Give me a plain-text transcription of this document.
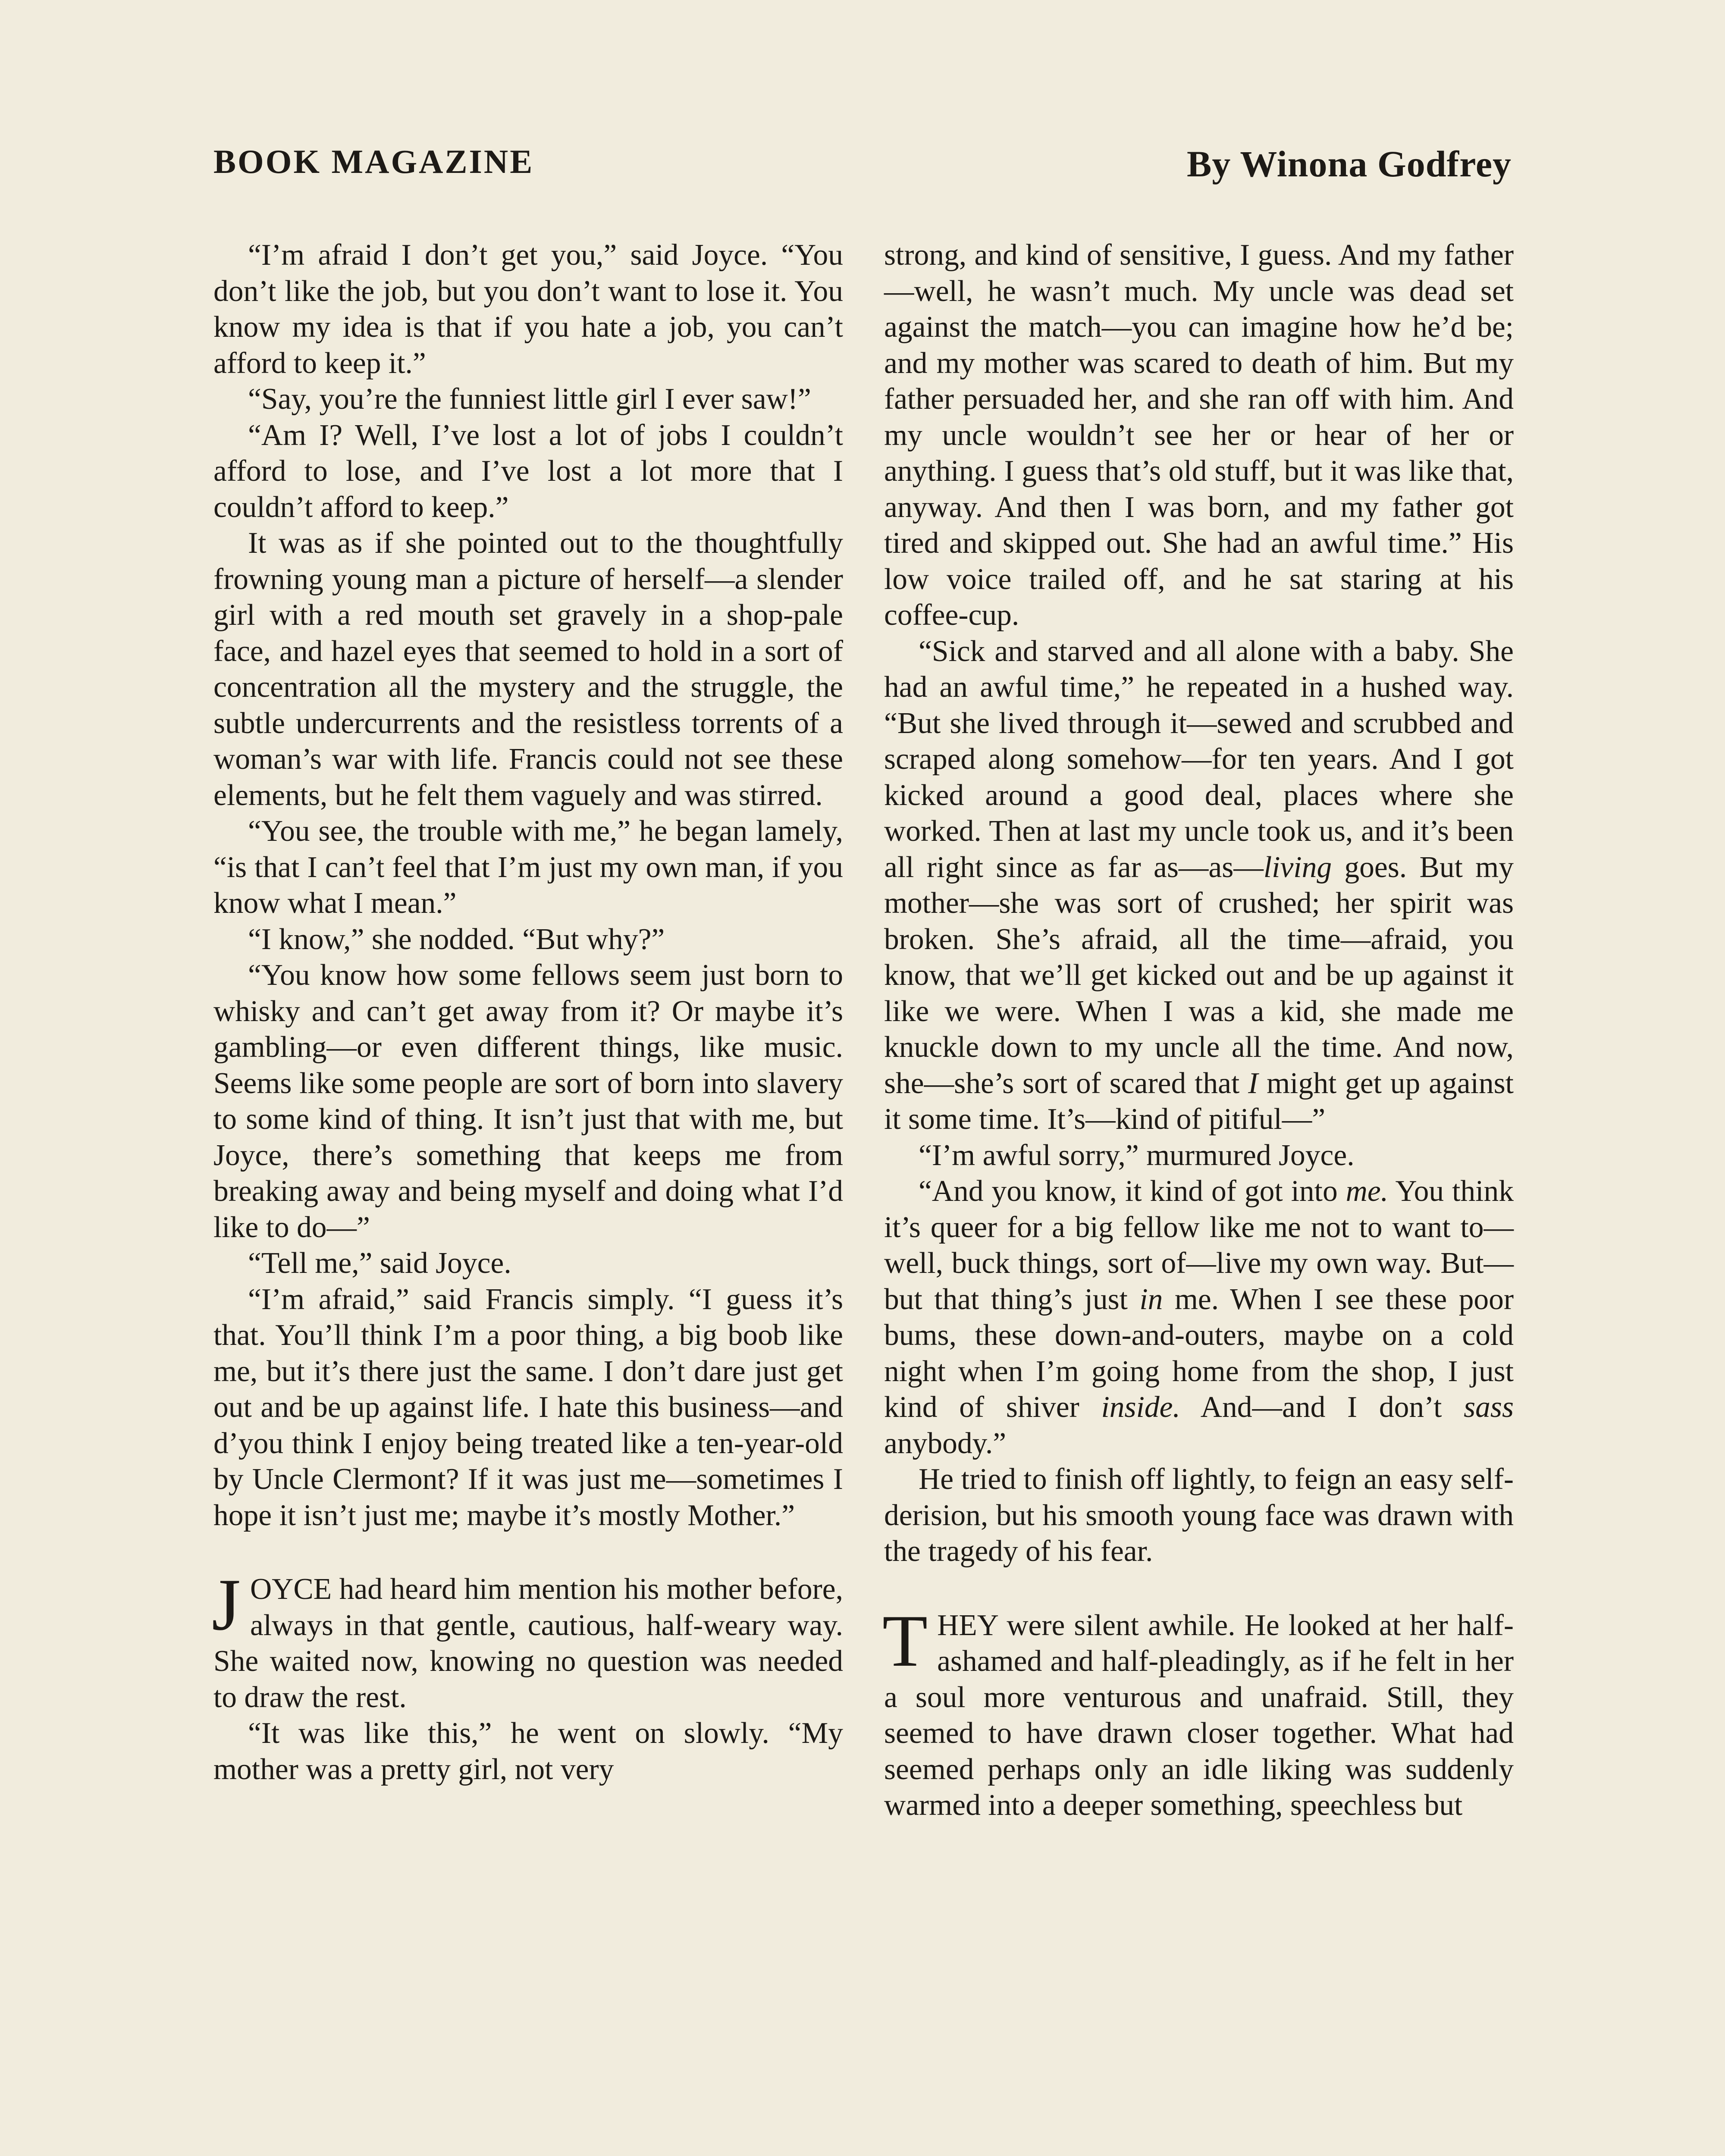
BOOK MAGAZINE	By Winona Godfrey

“I’m afraid I don’t get you,” said Joyce. “You don’t like the job, but you don’t want to lose it. You know my idea is that if you hate a job, you can’t afford to keep it.”

“Say, you’re the funniest little girl I ever saw!”

“Am I? Well, I’ve lost a lot of jobs I couldn’t afford to lose, and I’ve lost a lot more that I couldn’t afford to keep.”

It was as if she pointed out to the thoughtfully frowning young man a picture of herself—a slender girl with a red mouth set gravely in a shop-pale face, and hazel eyes that seemed to hold in a sort of concentration all the mystery and the struggle, the subtle undercurrents and the resistless torrents of a woman’s war with life. Francis could not see these elements, but he felt them vaguely and was stirred.

“You see, the trouble with me,” he began lamely, “is that I can’t feel that I’m just my own man, if you know what I mean.”

“I know,” she nodded. “But why?”

“You know how some fellows seem just born to whisky and can’t get away from it? Or maybe it’s gambling—or even different things, like music. Seems like some people are sort of born into slavery to some kind of thing. It isn’t just that with me, but Joyce, there’s something that keeps me from breaking away and being myself and doing what I’d like to do—”

“Tell me,” said Joyce.

“I’m afraid,” said Francis simply. “I guess it’s that. You’ll think I’m a poor thing, a big boob like me, but it’s there just the same. I don’t dare just get out and be up against life. I hate this business—and d’you think I enjoy being treated like a ten-year-old by Uncle Clermont? If it was just me—sometimes I hope it isn’t just me; maybe it’s mostly Mother.”

JOYCE had heard him mention his mother before, always in that gentle, cautious, half-weary way. She waited now, knowing no question was needed to draw the rest.

“It was like this,” he went on slowly. “My mother was a pretty girl, not very

strong, and kind of sensitive, I guess. And my father—well, he wasn’t much. My uncle was dead set against the match—you can imagine how he’d be; and my mother was scared to death of him. But my father persuaded her, and she ran off with him. And my uncle wouldn’t see her or hear of her or anything. I guess that’s old stuff, but it was like that, anyway. And then I was born, and my father got tired and skipped out. She had an awful time.” His low voice trailed off, and he sat staring at his coffee-cup.

“Sick and starved and all alone with a baby. She had an awful time,” he repeated in a hushed way. “But she lived through it—sewed and scrubbed and scraped along somehow—for ten years. And I got kicked around a good deal, places where she worked. Then at last my uncle took us, and it’s been all right since as far as—as—living goes. But my mother—she was sort of crushed; her spirit was broken. She’s afraid, all the time—afraid, you know, that we’ll get kicked out and be up against it like we were. When I was a kid, she made me knuckle down to my uncle all the time. And now, she—she’s sort of scared that I might get up against it some time. It’s—kind of pitiful—”

“I’m awful sorry,” murmured Joyce.

“And you know, it kind of got into me. You think it’s queer for a big fellow like me not to want to—well, buck things, sort of—live my own way. But—but that thing’s just in me. When I see these poor bums, these down-and-outers, maybe on a cold night when I’m going home from the shop, I just kind of shiver inside. And—and I don’t sass anybody.”

He tried to finish off lightly, to feign an easy self-derision, but his smooth young face was drawn with the tragedy of his fear.

THEY were silent awhile. He looked at her half-ashamed and half-pleadingly, as if he felt in her a soul more venturous and unafraid. Still, they seemed to have drawn closer together. What had seemed perhaps only an idle liking was suddenly warmed into a deeper something, speechless but
